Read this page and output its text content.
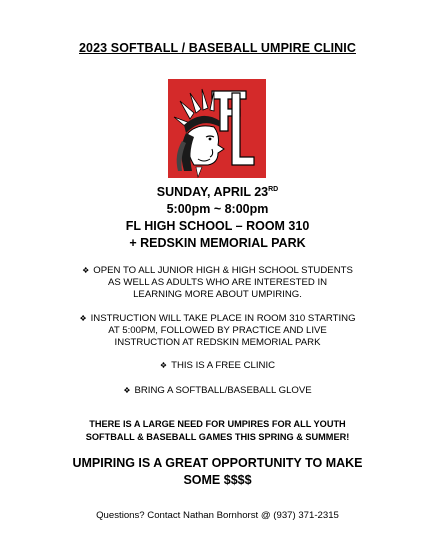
2023 SOFTBALL / BASEBALL UMPIRE CLINIC
SUNDAY, APRIL 23RD
5:00pm ~ 8:00pm
FL HIGH SCHOOL – ROOM 310
+ REDSKIN MEMORIAL PARK
❖ OPEN TO ALL JUNIOR HIGH & HIGH SCHOOL STUDENTS
AS WELL AS ADULTS WHO ARE INTERESTED IN
LEARNING MORE ABOUT UMPIRING.
❖ INSTRUCTION WILL TAKE PLACE IN ROOM 310 STARTING
AT 5:00PM, FOLLOWED BY PRACTICE AND LIVE
INSTRUCTION AT REDSKIN MEMORIAL PARK
❖ THIS IS A FREE CLINIC
❖ BRING A SOFTBALL/BASEBALL GLOVE
THERE IS A LARGE NEED FOR UMPIRES FOR ALL YOUTH
SOFTBALL & BASEBALL GAMES THIS SPRING & SUMMER!
UMPIRING IS A GREAT OPPORTUNITY TO MAKE
SOME $$$$
Questions? Contact Nathan Bornhorst @ (937) 371-2315
